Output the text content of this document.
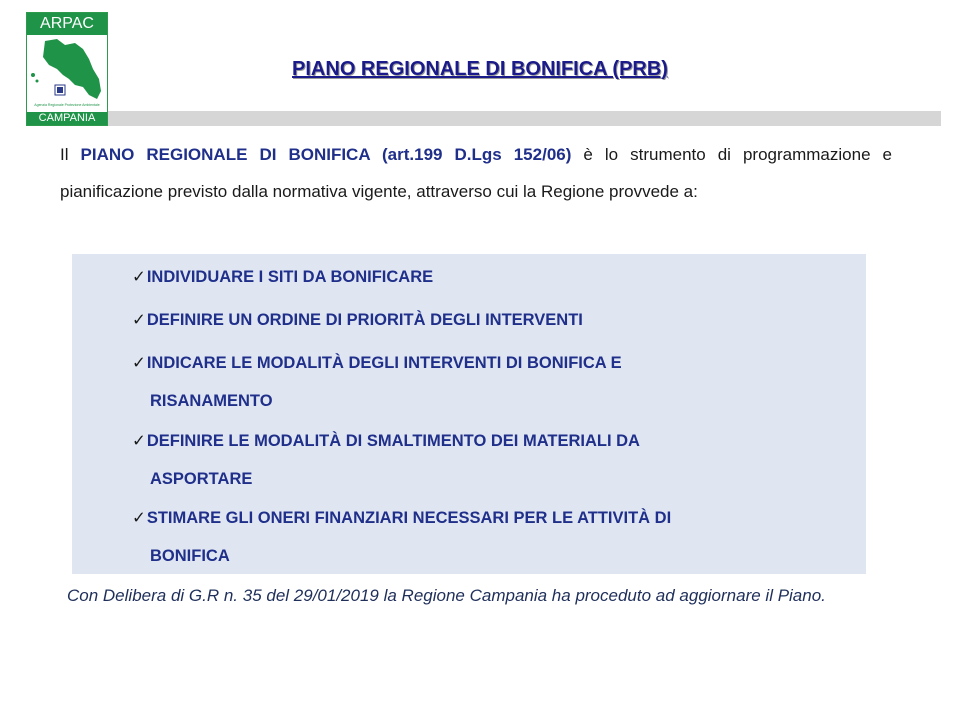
ARPAC
Agenzia Regionale Protezione Ambientale
CAMPANIA
PIANO REGIONALE DI BONIFICA (PRB)
Il PIANO REGIONALE DI BONIFICA (art.199 D.Lgs 152/06) è lo strumento di programmazione e pianificazione previsto dalla normativa vigente, attraverso cui la Regione provvede a:
✓INDIVIDUARE I SITI DA BONIFICARE
✓DEFINIRE UN ORDINE DI PRIORITÀ DEGLI INTERVENTI
✓INDICARE LE MODALITÀ DEGLI INTERVENTI DI BONIFICA E
RISANAMENTO
✓DEFINIRE LE MODALITÀ DI SMALTIMENTO DEI MATERIALI DA
ASPORTARE
✓STIMARE GLI ONERI FINANZIARI NECESSARI PER LE ATTIVITÀ DI
BONIFICA
Con Delibera di G.R n. 35 del 29/01/2019 la Regione Campania ha proceduto ad aggiornare il Piano.
